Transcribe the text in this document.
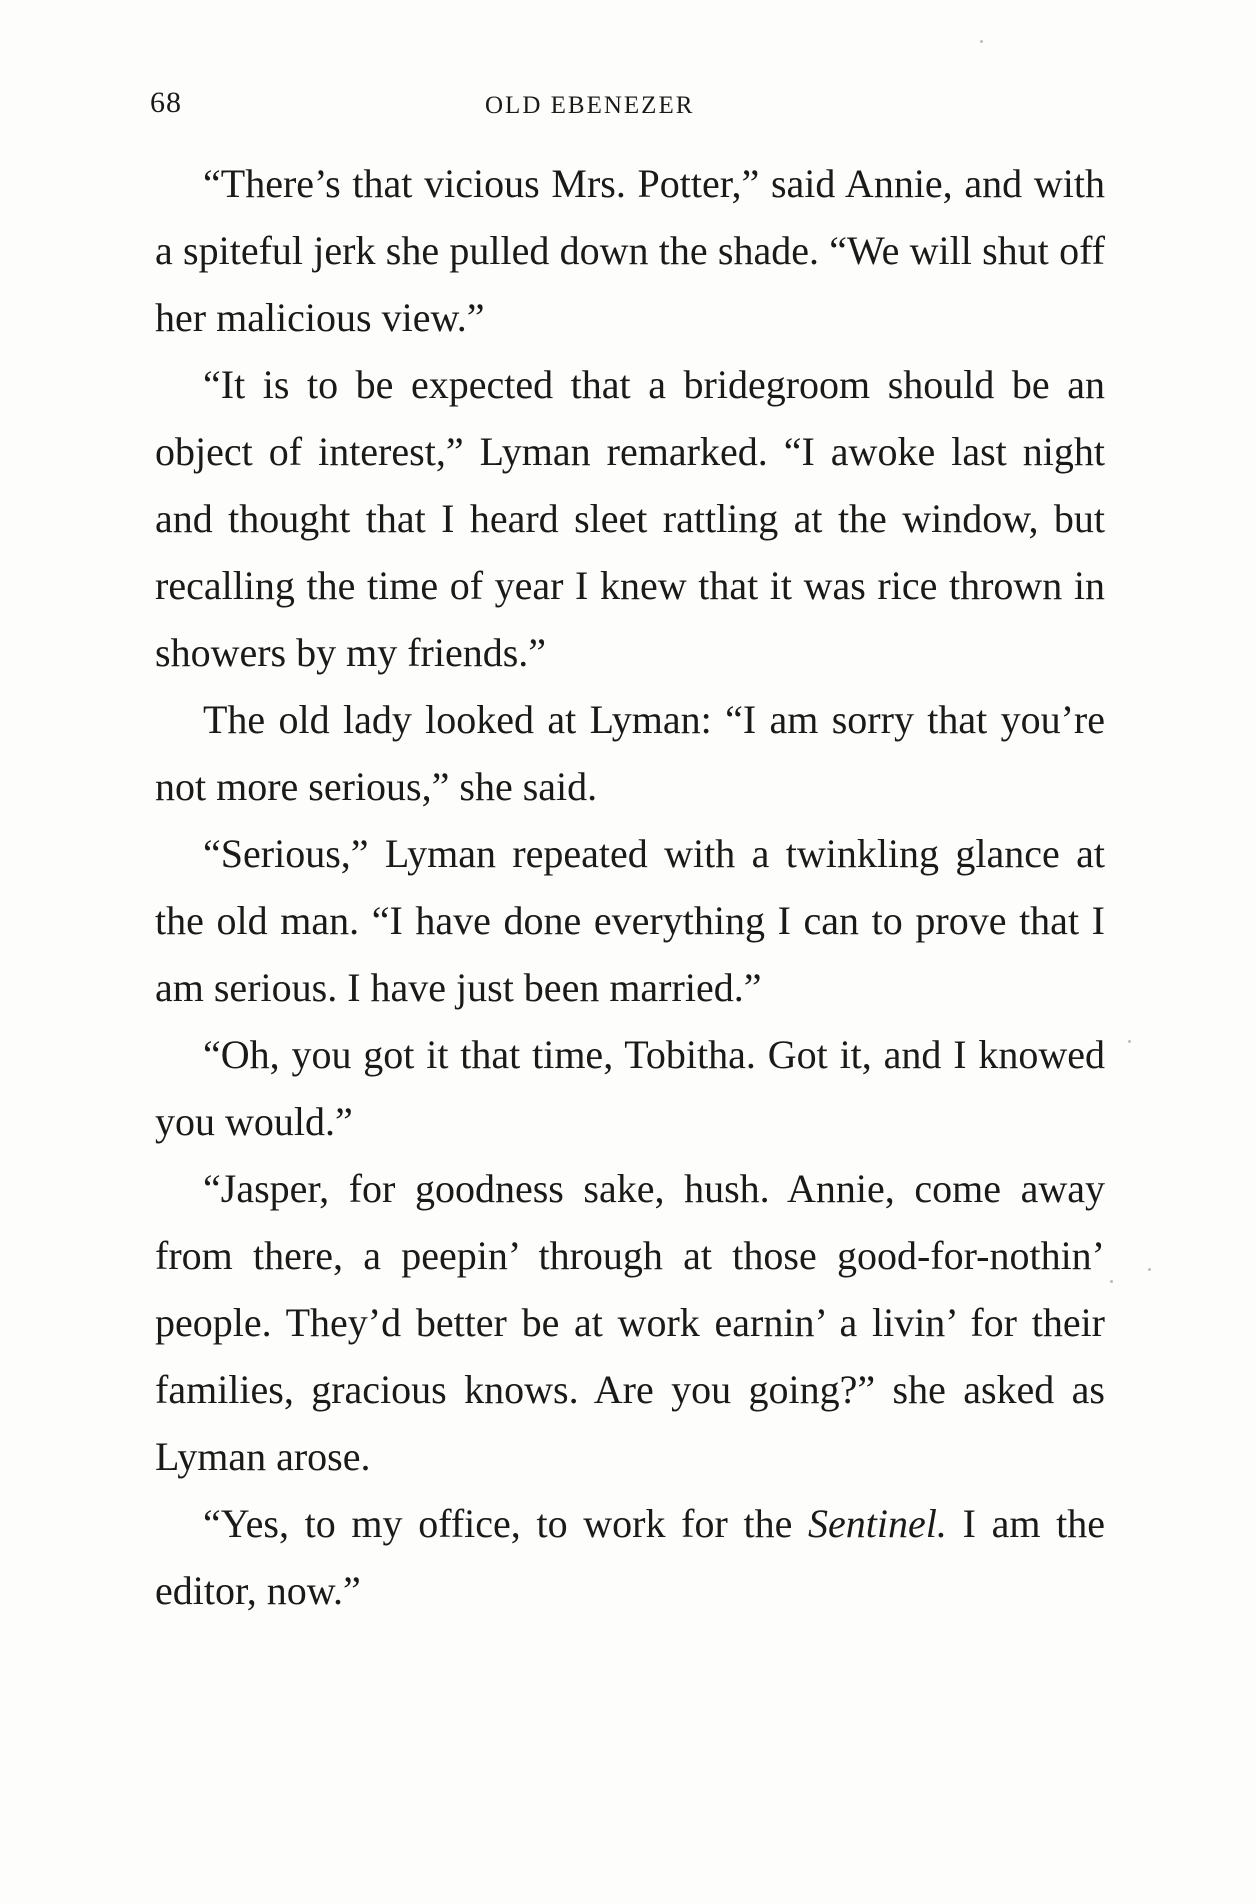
68	OLD EBENEZER

“There’s that vicious Mrs. Potter,” said Annie, and with a spiteful jerk she pulled down the shade. “We will shut off her malicious view.”

“It is to be expected that a bridegroom should be an object of interest,” Lyman remarked. “I awoke last night and thought that I heard sleet rattling at the window, but recalling the time of year I knew that it was rice thrown in showers by my friends.”

The old lady looked at Lyman: “I am sorry that you’re not more serious,” she said.

“Serious,” Lyman repeated with a twinkling glance at the old man. “I have done everything I can to prove that I am serious. I have just been married.”

“Oh, you got it that time, Tobitha. Got it, and I knowed you would.”

“Jasper, for goodness sake, hush. Annie, come away from there, a peepin’ through at those good-for-nothin’ people. They’d better be at work earnin’ a livin’ for their families, gracious knows. Are you going?” she asked as Lyman arose.

“Yes, to my office, to work for the Sentinel. I am the editor, now.”
